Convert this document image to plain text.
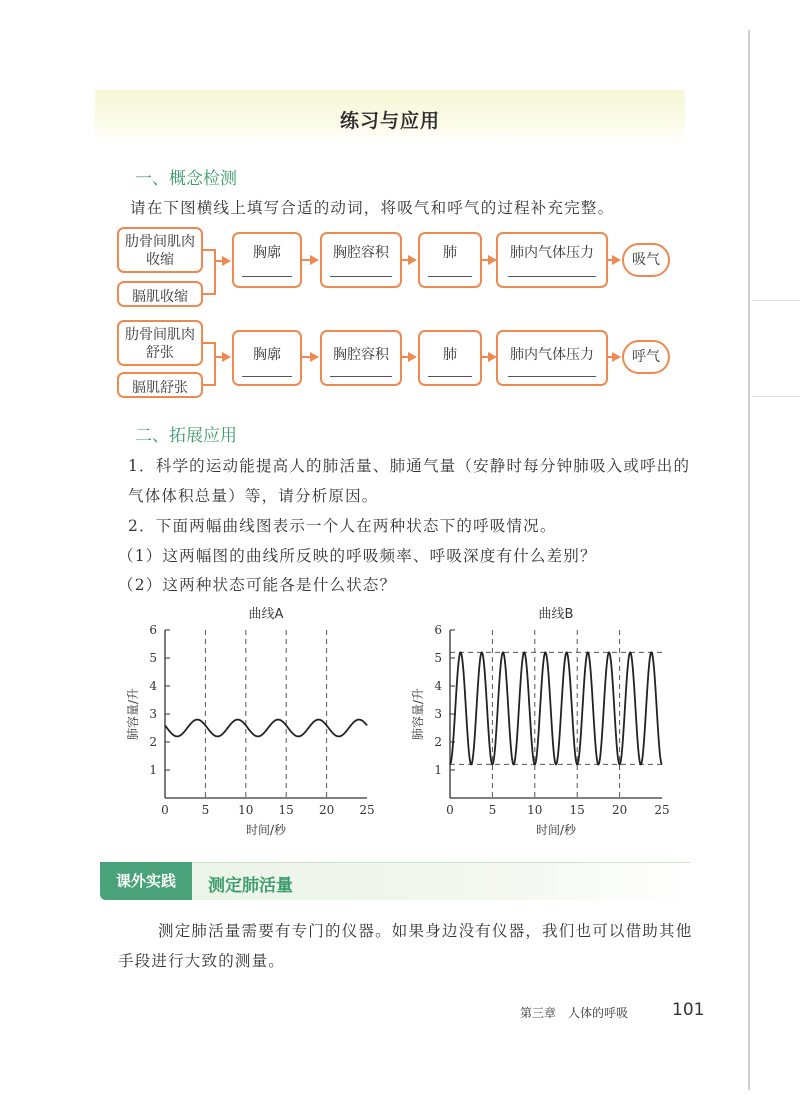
练习与应用
一、概念检测
请在下图横线上填写合适的动词，将吸气和呼气的过程补充完整。
肋骨间肌肉收缩
膈肌收缩
胸廓	胸腔容积	肺	肺内气体压力	吸气
肋骨间肌肉舒张
膈肌舒张
胸廓	胸腔容积	肺	肺内气体压力	呼气
二、拓展应用
1．科学的运动能提高人的肺活量、肺通气量（安静时每分钟肺吸入或呼出的气体体积总量）等，请分析原因。
2．下面两幅曲线图表示一个人在两种状态下的呼吸情况。
（1）这两幅图的曲线所反映的呼吸频率、呼吸深度有什么差别？
（2）这两种状态可能各是什么状态？
曲线A
1
2
3
4
5
6
0	5 10 15 20 25
时间/秒
肺容量/升
曲线B
1
2
3
4
5
6
0	5	10 15 20 25
时间/秒
肺容量/升
课外实践	测定肺活量
测定肺活量需要有专门的仪器。如果身边没有仪器，我们也可以借助其他手段进行大致的测量。
第三章　人体的呼吸	101
